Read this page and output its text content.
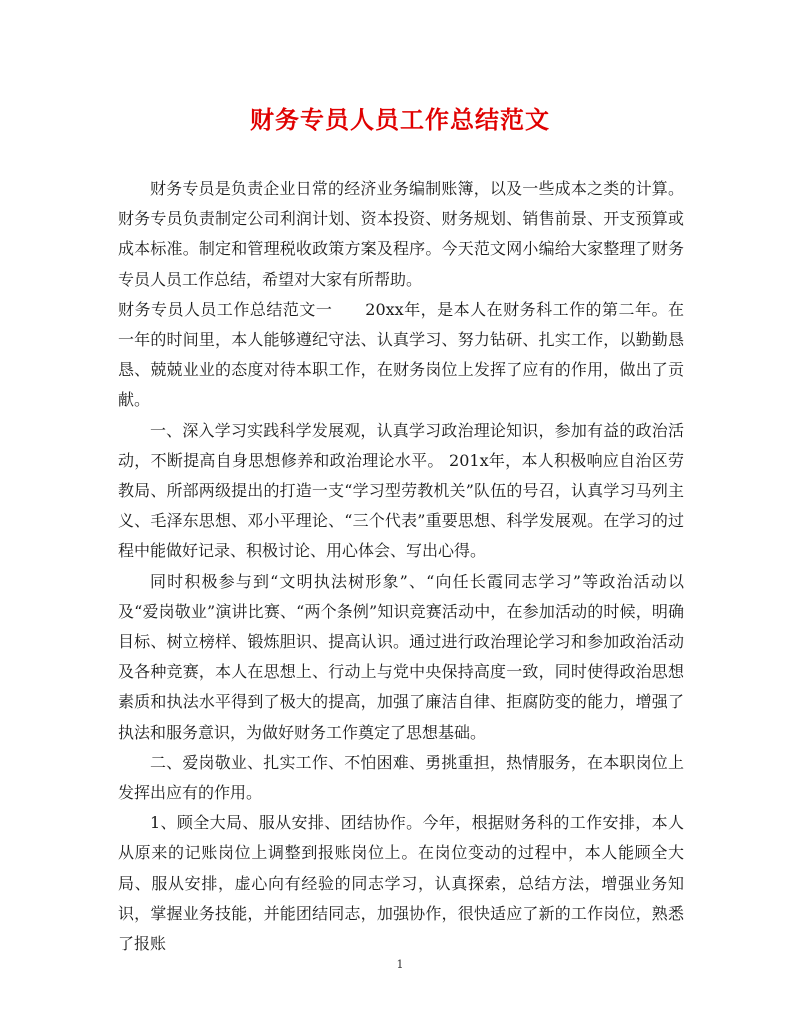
财务专员人员工作总结范文

财务专员是负责企业日常的经济业务编制账簿，以及一些成本之类的计算。财务专员负责制定公司利润计划、资本投资、财务规划、销售前景、开支预算或成本标准。制定和管理税收政策方案及程序。今天范文网小编给大家整理了财务专员人员工作总结，希望对大家有所帮助。

财务专员人员工作总结范文一　　20xx年，是本人在财务科工作的第二年。在一年的时间里，本人能够遵纪守法、认真学习、努力钻研、扎实工作，以勤勤恳恳、兢兢业业的态度对待本职工作，在财务岗位上发挥了应有的作用，做出了贡献。

一、深入学习实践科学发展观，认真学习政治理论知识，参加有益的政治活动，不断提高自身思想修养和政治理论水平。 201x年，本人积极响应自治区劳教局、所部两级提出的打造一支“学习型劳教机关”队伍的号召，认真学习马列主义、毛泽东思想、邓小平理论、“三个代表”重要思想、科学发展观。在学习的过程中能做好记录、积极讨论、用心体会、写出心得。

同时积极参与到“文明执法树形象”、“向任长霞同志学习”等政治活动以及“爱岗敬业”演讲比赛、“两个条例”知识竞赛活动中，在参加活动的时候，明确目标、树立榜样、锻炼胆识、提高认识。通过进行政治理论学习和参加政治活动及各种竞赛，本人在思想上、行动上与党中央保持高度一致，同时使得政治思想素质和执法水平得到了极大的提高，加强了廉洁自律、拒腐防变的能力，增强了执法和服务意识，为做好财务工作奠定了思想基础。

二、爱岗敬业、扎实工作、不怕困难、勇挑重担，热情服务，在本职岗位上发挥出应有的作用。

1、顾全大局、服从安排、团结协作。今年，根据财务科的工作安排，本人从原来的记账岗位上调整到报账岗位上。在岗位变动的过程中，本人能顾全大局、服从安排，虚心向有经验的同志学习，认真探索，总结方法，增强业务知识，掌握业务技能，并能团结同志，加强协作，很快适应了新的工作岗位，熟悉了报账

1
